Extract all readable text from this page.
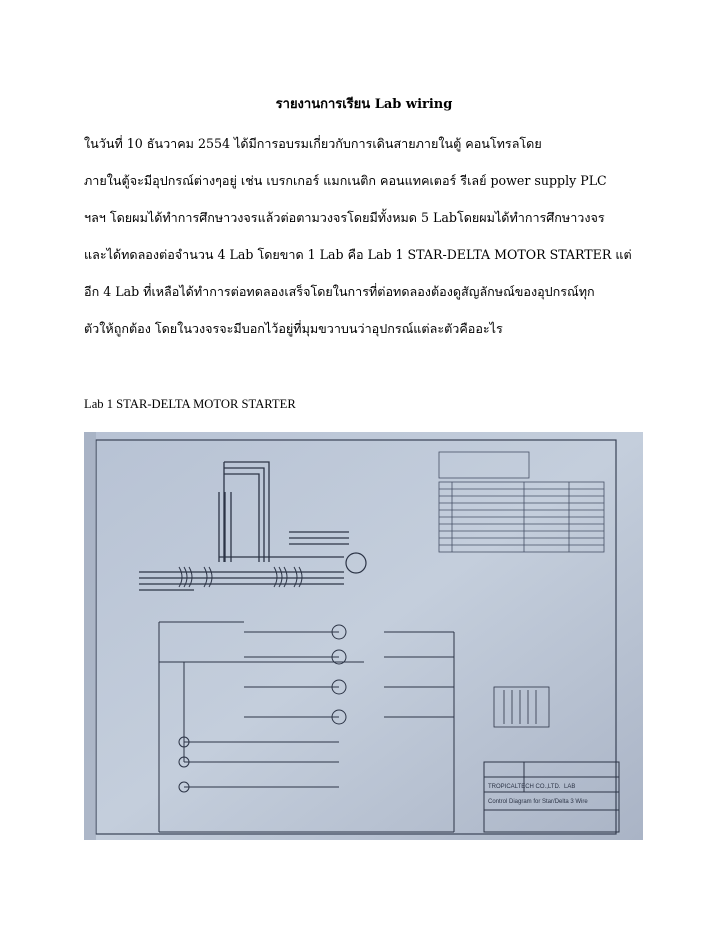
รายงานการเรียน Lab wiring
ในวันที่ 10 ธันวาคม 2554 ได้มีการอบรมเกี่ยวกับการเดินสายภายในตู้ คอนโทรลโดย
ภายในตู้จะมีอุปกรณ์ต่างๆอยู่ เช่น เบรกเกอร์ แมกเนติก คอนแทคเตอร์ รีเลย์ power supply PLC
ฯลฯ โดยผมได้ทำการศึกษาวงจรแล้วต่อตามวงจรโดยมีทั้งหมด 5 Labโดยผมได้ทำการศึกษาวงจร
และได้ทดลองต่อจำนวน 4 Lab โดยขาด 1 Lab คือ Lab 1 STAR-DELTA MOTOR STARTER แต่
อีก 4 Lab ที่เหลือได้ทำการต่อทดลองเสร็จโดยในการที่ต่อทดลองต้องดูสัญลักษณ์ของอุปกรณ์ทุก
ตัวให้ถูกต้อง โดยในวงจรจะมีบอกไว้อยู่ที่มุมขวาบนว่าอุปกรณ์แต่ละตัวคืออะไร
Lab 1 STAR-DELTA MOTOR STARTER
TROPICALTECH CO.,LTD. LAB
Control Diagram for Star/Delta 3 Wire
